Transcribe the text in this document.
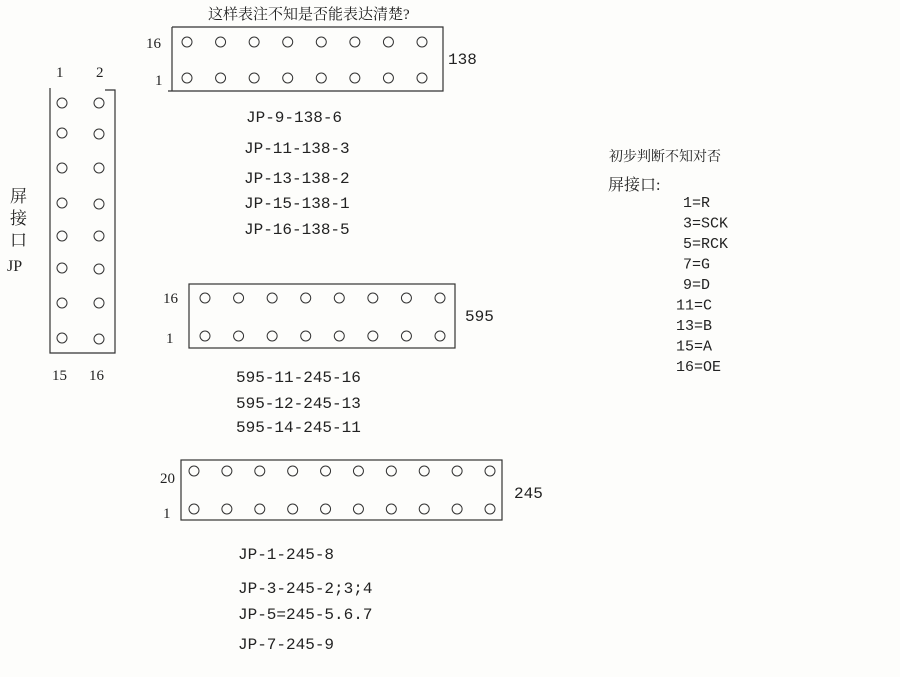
这样表注不知是否能表达清楚?
1 2
15 16
屏
接
口
JP
16
1
138
JP-9-138-6
JP-11-138-3
JP-13-138-2
JP-15-138-1
JP-16-138-5
16
1
595
595-11-245-16
595-12-245-13
595-14-245-11
20
1
245
JP-1-245-8
JP-3-245-2;3;4
JP-5=245-5.6.7
JP-7-245-9
初步判断不知对否
屏接口:
1=R
3=SCK
5=RCK
7=G
9=D
11=C
13=B
15=A
16=OE
